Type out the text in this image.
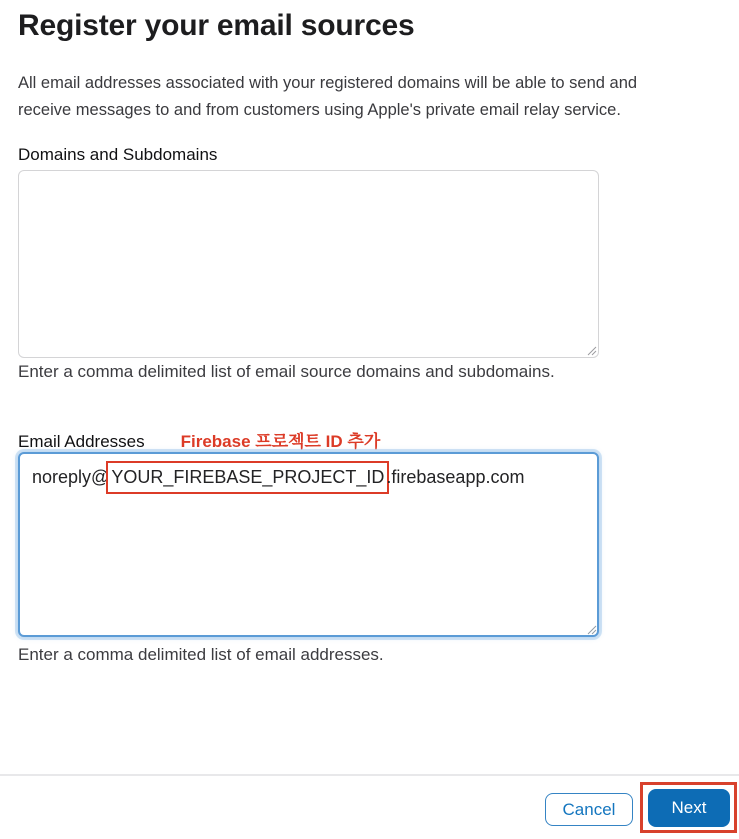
Register your email sources
All email addresses associated with your registered domains will be able to send and
receive messages to and from customers using Apple's private email relay service.
Domains and Subdomains
Enter a comma delimited list of email source domains and subdomains.
Email Addresses Firebase 프로젝트 ID 추가
noreply@ YOUR_FIREBASE_PROJECT_ID .firebaseapp.com
Enter a comma delimited list of email addresses.
Cancel	Next
